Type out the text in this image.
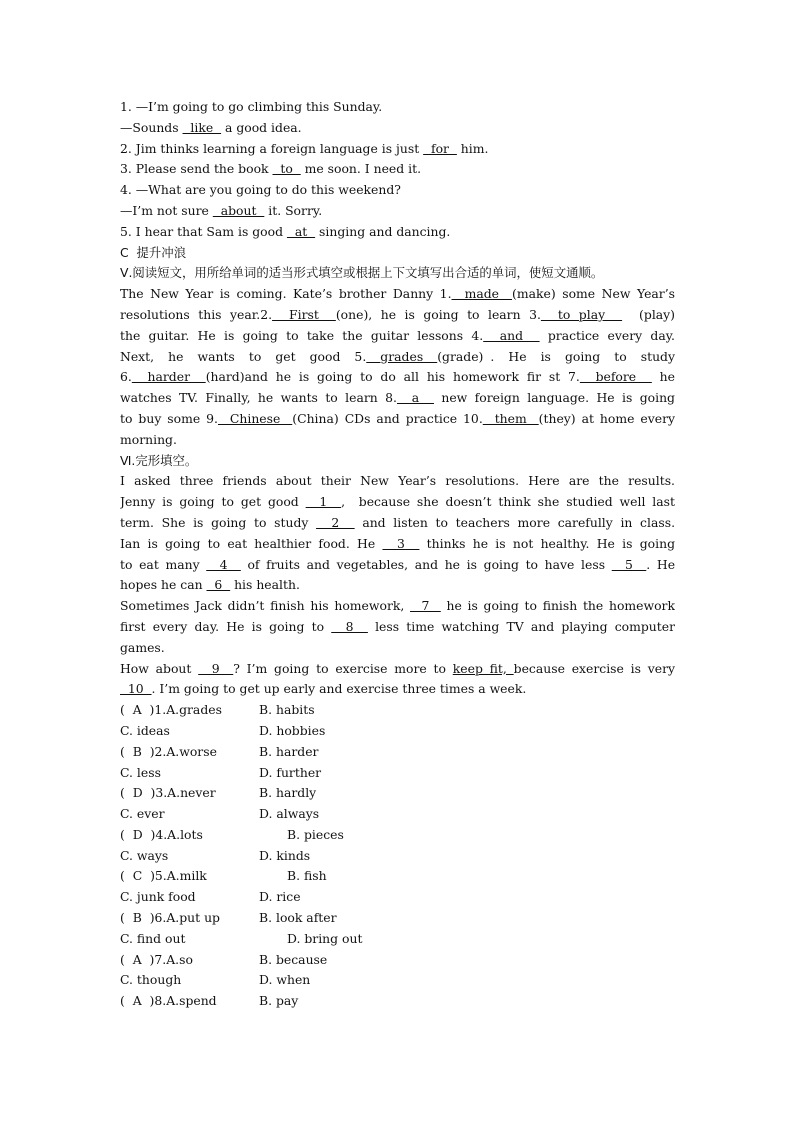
1. —I’m going to go climbing this Sunday.
—Sounds   like   a good idea.
2. Jim thinks learning a foreign language is just   for   him.
3. Please send the book   to   me soon. I need it.
4. —What are you going to do this weekend?
—I’m not sure   about   it. Sorry.
5. I hear that Sam is good   at   singing and dancing.
C  提升冲浪
Ⅴ.阅读短文，用所给单词的适当形式填空或根据上下文填写出合适的单词，使短文通顺。
The New Year is coming. Kate’s brother Danny 1.  made  (make) some New Year’s
resolutions this year.2.  First  (one), he is going to learn 3.  to play    (play)
the guitar. He is going to take the guitar lessons 4.  and   practice every day.
Next,  he  wants  to  get  good  5.  grades  (grade) .  He  is  going  to  study
6.  harder  (hard)and he is going to do all his homework fir st 7.  before   he
watches TV. Finally, he wants to learn 8.  a   new foreign language. He is going
to buy some 9.  Chinese  (China) CDs and practice 10.  them  (they) at home every
morning.
Ⅵ.完形填空。
I asked three friends about their New Year’s resolutions. Here are the results.
Jenny is going to get good   1  ,  because she doesn’t think she studied well last
term. She is going to study   2   and listen to teachers more carefully in class.
Ian is going to eat healthier food. He   3   thinks he is not healthy. He is going
to eat many   4   of fruits and vegetables, and he is going to have less   5  . He
hopes he can   6   his health.
Sometimes Jack didn’t finish his homework,   7   he is going to finish the homework
first every day. He is going to   8   less time watching TV and playing computer
games.
How about   9  ? I’m going to exercise more to keep fit, because exercise is very
10  . I’m going to get up early and exercise three times a week.
(  A  )1.A.grades	B. habits
C. ideas	D. hobbies
(  B  )2.A.worse	B. harder
C. less	D. further
(  D  )3.A.never	B. hardly
C. ever	D. always
(  D  )4.A.lots	B. pieces
C. ways	D. kinds
(  C  )5.A.milk	B. fish
C. junk food	D. rice
(  B  )6.A.put up	B. look after
C. find out	D. bring out
(  A  )7.A.so	B. because
C. though	D. when
(  A  )8.A.spend	B. pay
